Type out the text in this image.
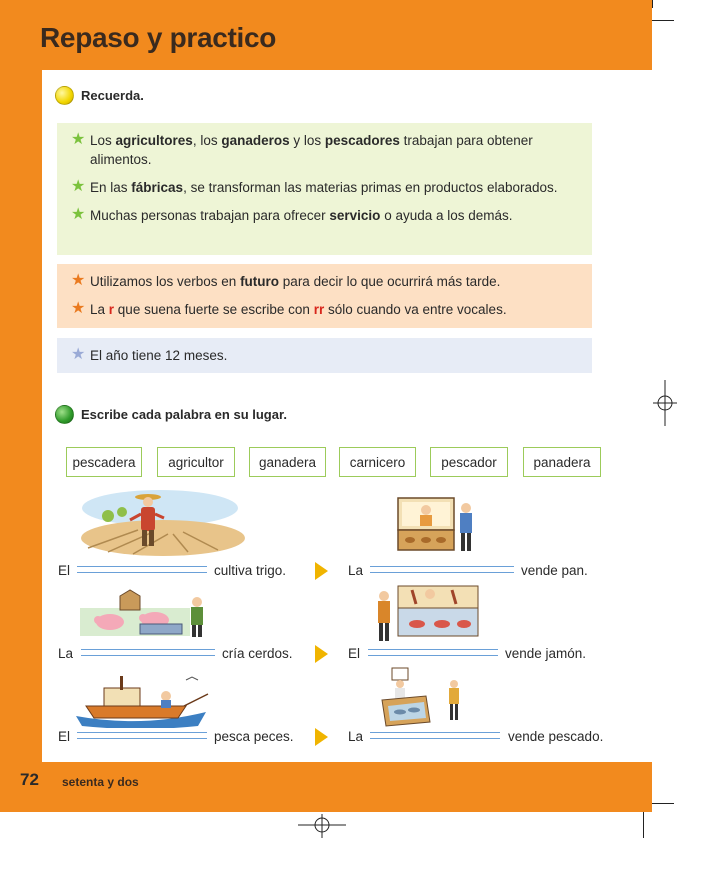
Repaso y practico
Recuerda.
★ Los agricultores, los ganaderos y los pescadores trabajan para obtener alimentos.
★ En las fábricas, se transforman las materias primas en productos elaborados.
★ Muchas personas trabajan para ofrecer servicio o ayuda a los demás.
★ Utilizamos los verbos en futuro para decir lo que ocurrirá más tarde.
★ La r que suena fuerte se escribe con rr sólo cuando va entre vocales.
★ El año tiene 12 meses.
Escribe cada palabra en su lugar.
pescadera	agricultor	ganadera	carnicero	pescador	panadera
El	cultiva trigo.	La	vende pan.
La	cría cerdos.	El	vende jamón.
El	pesca peces.	La	vende pescado.
72 setenta y dos
